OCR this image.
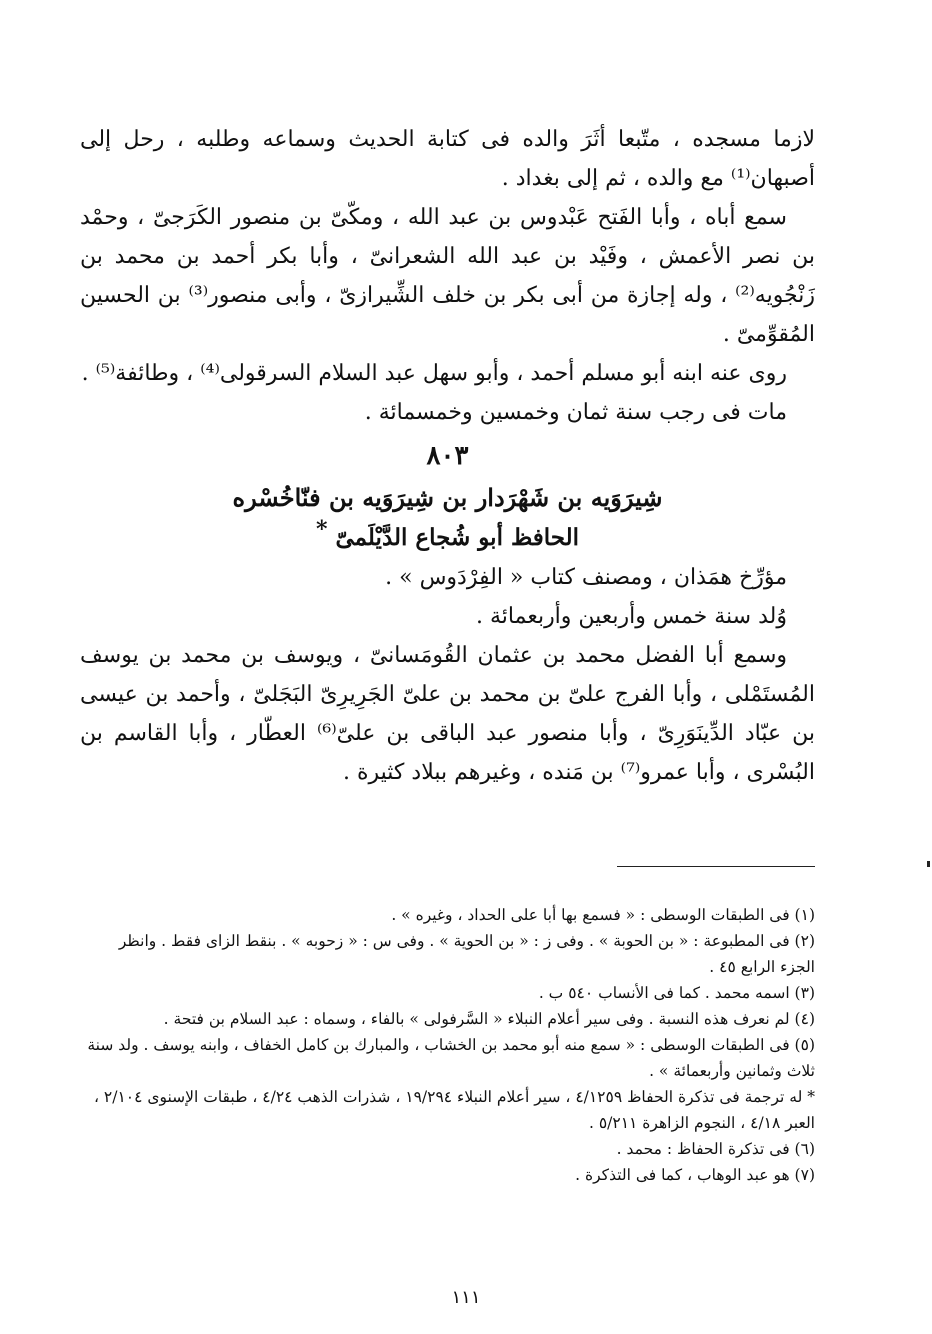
لازما مسجده ، متّبعا أثَرَ والده فى كتابة الحديث وسماعه وطلبه ، رحل إلى أصبهان⁽¹⁾ مع والده ، ثم إلى بغداد .

سمع أباه ، وأبا الفَتح عَبْدوس بن عبد الله ، ومكّىّ بن منصور الكَرَجىّ ، وحمْد بن نصر الأعمش ، وفَيْد بن عبد الله الشعرانىّ ، وأبا بكر أحمد بن محمد بن زَنْجُويه⁽²⁾ ، وله إجازة من أبى بكر بن خلف الشِّيرازىّ ، وأبى منصور⁽³⁾ بن الحسين المُقوِّمىّ .

روى عنه ابنه أبو مسلم أحمد ، وأبو سهل عبد السلام السرقولى⁽⁴⁾ ، وطائفة⁽⁵⁾ .

مات فى رجب سنة ثمان وخمسين وخمسمائة .

٨٠٣

شِيرَوَيه بن شَهْرَدار بن شِيرَوَيه بن فنّاخُسْره

الحافظ أبو شُجاع الدَّيْلَمىّ *

مؤرِّخ همَذان ، ومصنف كتاب « الفِرْدَوس » .

وُلد سنة خمس وأربعين وأربعمائة .

وسمع أبا الفضل محمد بن عثمان القُومَسانىّ ، ويوسف بن محمد بن يوسف المُستَمْلى ، وأبا الفرج علىّ بن محمد بن علىّ الجَرِيرِىّ البَجَلىّ ، وأحمد بن عيسى بن عبّاد الدِّينَوَرِىّ ، وأبا منصور عبد الباقى بن علىّ⁽⁶⁾ العطّار ، وأبا القاسم بن البُسْرى ، وأبا عمرو⁽⁷⁾ بن مَنده ، وغيرهم ببلاد كثيرة .

(١) فى الطبقات الوسطى : « فسمع بها أبا على الحداد ، وغيره » .

(٢) فى المطبوعة : « بن الحوبة » . وفى ز : « بن الحوية » . وفى س : « زحوبه » . بنقط الزاى فقط . وانظر الجزء الرابع ٤٥ .

(٣) اسمه محمد . كما فى الأنساب ٥٤٠ ب .

(٤) لم نعرف هذه النسبة . وفى سير أعلام النبلاء « السَّرفولى » بالفاء ، وسماه : عبد السلام بن فتحة .

(٥) فى الطبقات الوسطى : « سمع منه أبو محمد بن الخشاب ، والمبارك بن كامل الخفاف ، وابنه يوسف . ولد سنة ثلاث وثمانين وأربعمائة » .

* له ترجمة فى تذكرة الحفاظ ٤/١٢٥٩ ، سير أعلام النبلاء ١٩/٢٩٤ ، شذرات الذهب ٤/٢٤ ، طبقات الإسنوى ٢/١٠٤ ، العبر ٤/١٨ ، النجوم الزاهرة ٥/٢١١ .

(٦) فى تذكرة الحفاظ : محمد .

(٧) هو عبد الوهاب ، كما فى التذكرة .

١١١
